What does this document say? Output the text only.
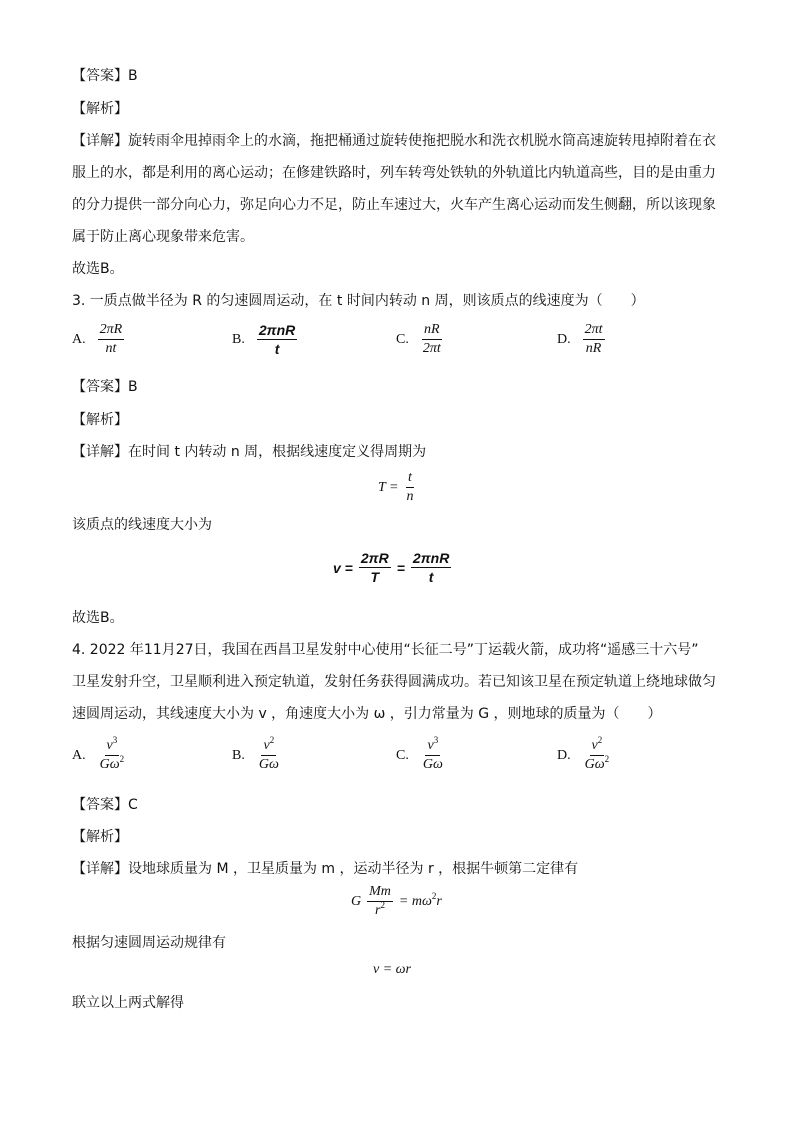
【答案】B
【解析】
【详解】旋转雨伞甩掉雨伞上的水滴，拖把桶通过旋转使拖把脱水和洗衣机脱水筒高速旋转甩掉附着在衣
服上的水，都是利用的离心运动；在修建铁路时，列车转弯处铁轨的外轨道比内轨道高些，目的是由重力
的分力提供一部分向心力，弥足向心力不足，防止车速过大，火车产生离心运动而发生侧翻，所以该现象
属于防止离心现象带来危害。
故选B。
3. 一质点做半径为 R 的匀速圆周运动，在 t 时间内转动 n 周，则该质点的线速度为（　　）
A. $\frac{2\pi R}{nt}$	B. $\frac{\text{2πnR}}{t}$	C. $\frac{nR}{2\pi t}$	D. $\frac{2\pi t}{nR}$
【答案】B
【解析】
【详解】在时间 t 内转动 n 周，根据线速度定义得周期为
$T = \frac{t}{n}$
该质点的线速度大小为
$v = \frac{2\pi R}{T} = \frac{\text{2πnR}}{t}$
故选B。
4. 2022 年11月27日，我国在西昌卫星发射中心使用“长征二号”丁运载火箭，成功将“遥感三十六号”
卫星发射升空，卫星顺利进入预定轨道，发射任务获得圆满成功。若已知该卫星在预定轨道上绕地球做匀
速圆周运动，其线速度大小为 v ，角速度大小为 ω ，引力常量为 G ，则地球的质量为（　　）
A. $\frac{v^3}{G\omega^2}$	B. $\frac{v^2}{G\omega}$	C. $\frac{v^3}{G\omega}$	D. $\frac{v^2}{G\omega^2}$
【答案】C
【解析】
【详解】设地球质量为 M ，卫星质量为 m ，运动半径为 r ，根据牛顿第二定律有
G $\frac{Mm}{r^2} = m\omega^2r$
根据匀速圆周运动规律有
v = ωr
联立以上两式解得
